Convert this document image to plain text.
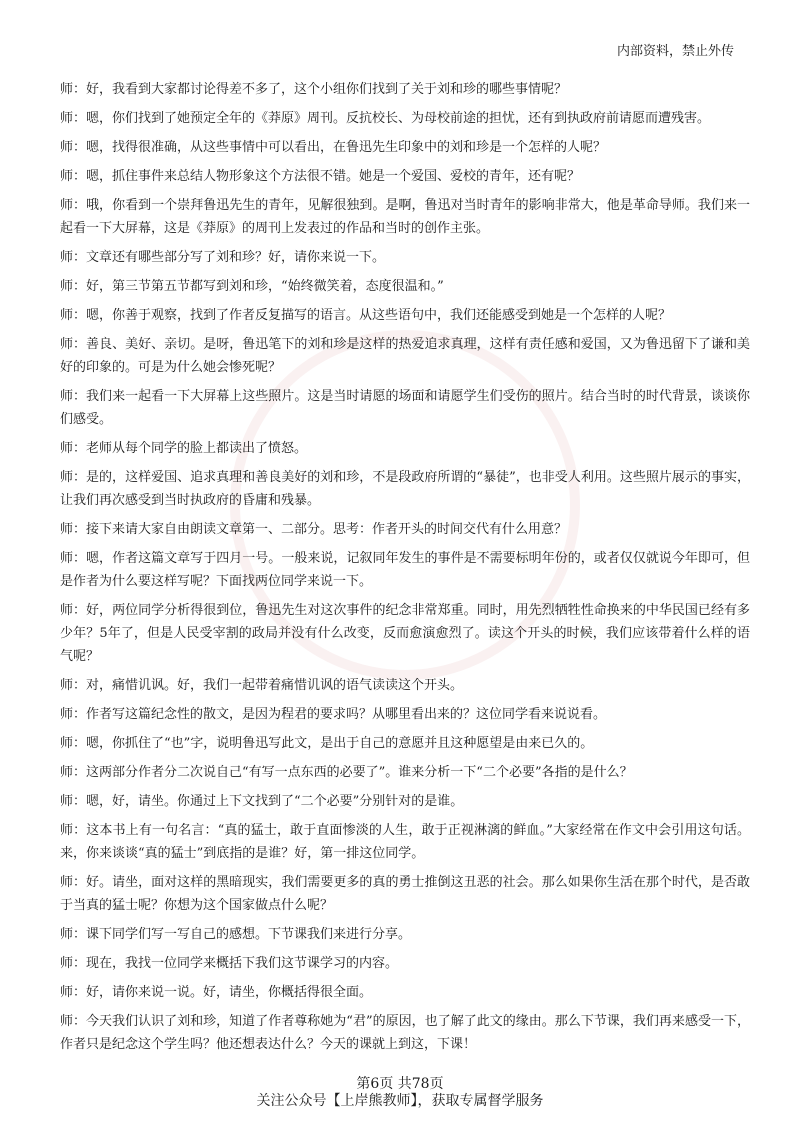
内部资料，禁止外传

师：好，我看到大家都讨论得差不多了，这个小组你们找到了关于刘和珍的哪些事情呢？

师：嗯，你们找到了她预定全年的《莽原》周刊。反抗校长、为母校前途的担忧，还有到执政府前请愿而遭残害。

师：嗯，找得很准确，从这些事情中可以看出，在鲁迅先生印象中的刘和珍是一个怎样的人呢？

师：嗯，抓住事件来总结人物形象这个方法很不错。她是一个爱国、爱校的青年，还有呢？

师：哦，你看到一个崇拜鲁迅先生的青年，见解很独到。是啊，鲁迅对当时青年的影响非常大，他是革命导师。我们来一起看一下大屏幕，这是《莽原》的周刊上发表过的作品和当时的创作主张。

师：文章还有哪些部分写了刘和珍？好，请你来说一下。

师：好，第三节第五节都写到刘和珍，“始终微笑着，态度很温和。”

师：嗯，你善于观察，找到了作者反复描写的语言。从这些语句中，我们还能感受到她是一个怎样的人呢？

师：善良、美好、亲切。是呀，鲁迅笔下的刘和珍是这样的热爱追求真理，这样有责任感和爱国，又为鲁迅留下了谦和美好的印象的。可是为什么她会惨死呢？

师：我们来一起看一下大屏幕上这些照片。这是当时请愿的场面和请愿学生们受伤的照片。结合当时的时代背景，谈谈你们感受。

师：老师从每个同学的脸上都读出了愤怒。

师：是的，这样爱国、追求真理和善良美好的刘和珍，不是段政府所谓的“暴徒”，也非受人利用。这些照片展示的事实，让我们再次感受到当时执政府的昏庸和残暴。

师：接下来请大家自由朗读文章第一、二部分。思考：作者开头的时间交代有什么用意？

师：嗯，作者这篇文章写于四月一号。一般来说，记叙同年发生的事件是不需要标明年份的，或者仅仅就说今年即可，但是作者为什么要这样写呢？下面找两位同学来说一下。

师：好，两位同学分析得很到位，鲁迅先生对这次事件的纪念非常郑重。同时，用先烈牺牲性命换来的中华民国已经有多少年？5年了，但是人民受宰割的政局并没有什么改变，反而愈演愈烈了。读这个开头的时候，我们应该带着什么样的语气呢？

师：对，痛惜讥讽。好，我们一起带着痛惜讥讽的语气读读这个开头。

师：作者写这篇纪念性的散文，是因为程君的要求吗？从哪里看出来的？这位同学看来说说看。

师：嗯，你抓住了“也”字，说明鲁迅写此文，是出于自己的意愿并且这种愿望是由来已久的。

师：这两部分作者分二次说自己“有写一点东西的必要了”。谁来分析一下“二个必要”各指的是什么？

师：嗯，好，请坐。你通过上下文找到了“二个必要”分别针对的是谁。

师：这本书上有一句名言：“真的猛士，敢于直面惨淡的人生，敢于正视淋漓的鲜血。”大家经常在作文中会引用这句话。来，你来谈谈“真的猛士”到底指的是谁？好，第一排这位同学。

师：好。请坐，面对这样的黑暗现实，我们需要更多的真的勇士推倒这丑恶的社会。那么如果你生活在那个时代，是否敢于当真的猛士呢？你想为这个国家做点什么呢？

师：课下同学们写一写自己的感想。下节课我们来进行分享。

师：现在，我找一位同学来概括下我们这节课学习的内容。

师：好，请你来说一说。好，请坐，你概括得很全面。

师：今天我们认识了刘和珍，知道了作者尊称她为“君”的原因，也了解了此文的缘由。那么下节课，我们再来感受一下，作者只是纪念这个学生吗？他还想表达什么？今天的课就上到这，下课！

第6页 共78页
关注公众号【上岸熊教师】，获取专属督学服务
